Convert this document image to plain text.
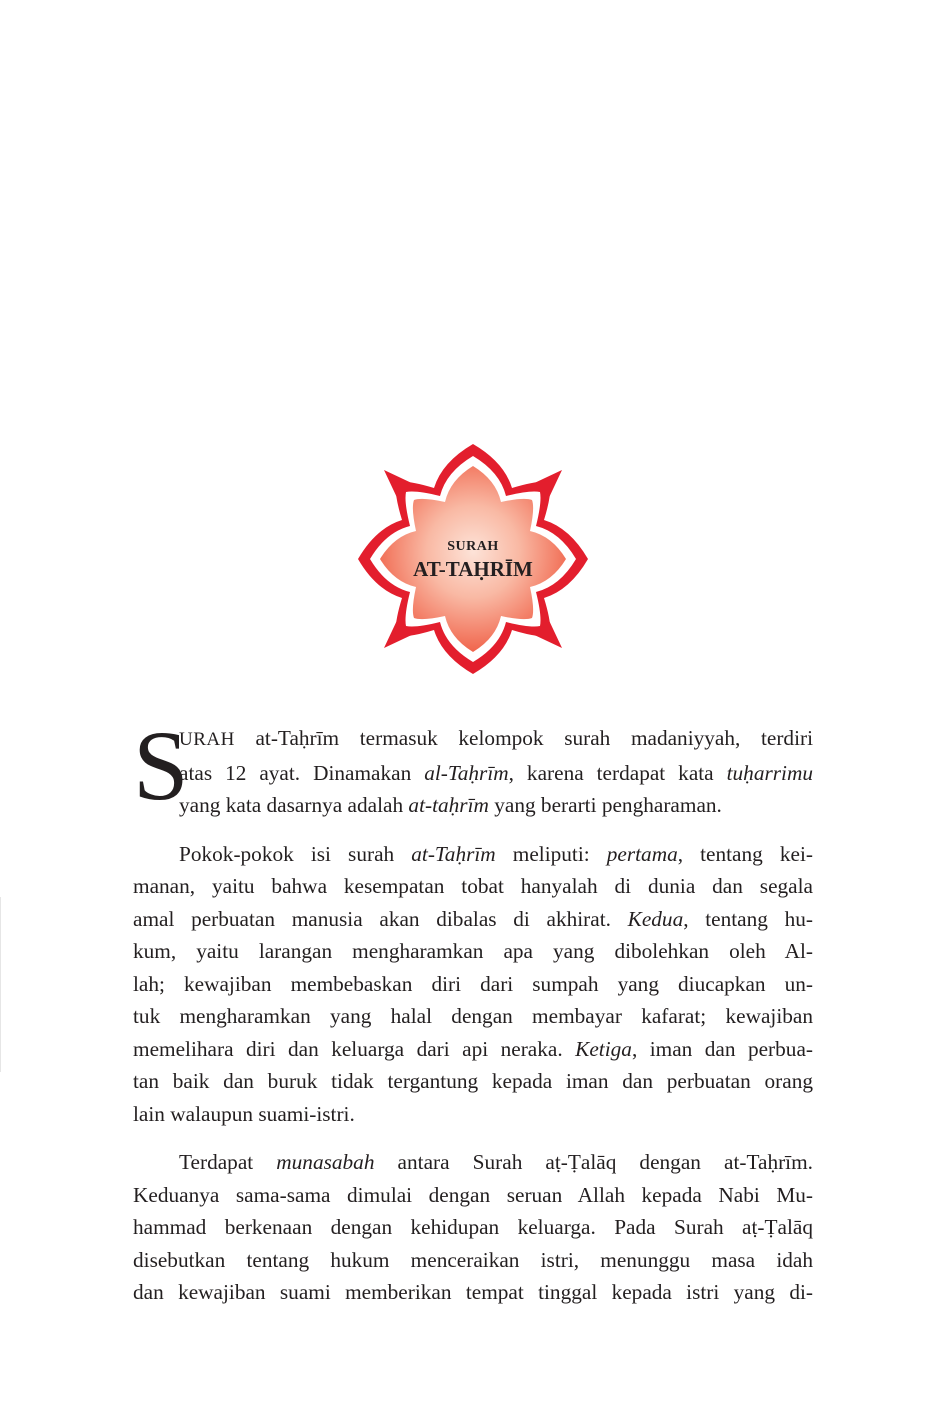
SURAH
AT-TAḤRĪM
S
URAH at-Taḥrīm termasuk kelompok surah madaniyyah, terdiri
atas 12 ayat. Dinamakan al-Taḥrīm, karena terdapat kata tuḥarrimu
yang kata dasarnya adalah at-taḥrīm yang berarti pengharaman.
Pokok-pokok isi surah at-Taḥrīm meliputi: pertama, tentang kei-
manan, yaitu bahwa kesempatan tobat hanyalah di dunia dan segala
amal perbuatan manusia akan dibalas di akhirat. Kedua, tentang hu-
kum, yaitu larangan mengharamkan apa yang dibolehkan oleh Al-
lah; kewajiban membebaskan diri dari sumpah yang diucapkan un-
tuk mengharamkan yang halal dengan membayar kafarat; kewajiban
memelihara diri dan keluarga dari api neraka. Ketiga, iman dan perbua-
tan baik dan buruk tidak tergantung kepada iman dan perbuatan orang
lain walaupun suami-istri.
Terdapat munasabah antara Surah aṭ-Ṭalāq dengan at-Taḥrīm.
Keduanya sama-sama dimulai dengan seruan Allah kepada Nabi Mu-
hammad berkenaan dengan kehidupan keluarga. Pada Surah aṭ-Ṭalāq
disebutkan tentang hukum menceraikan istri, menunggu masa idah
dan kewajiban suami memberikan tempat tinggal kepada istri yang di-
